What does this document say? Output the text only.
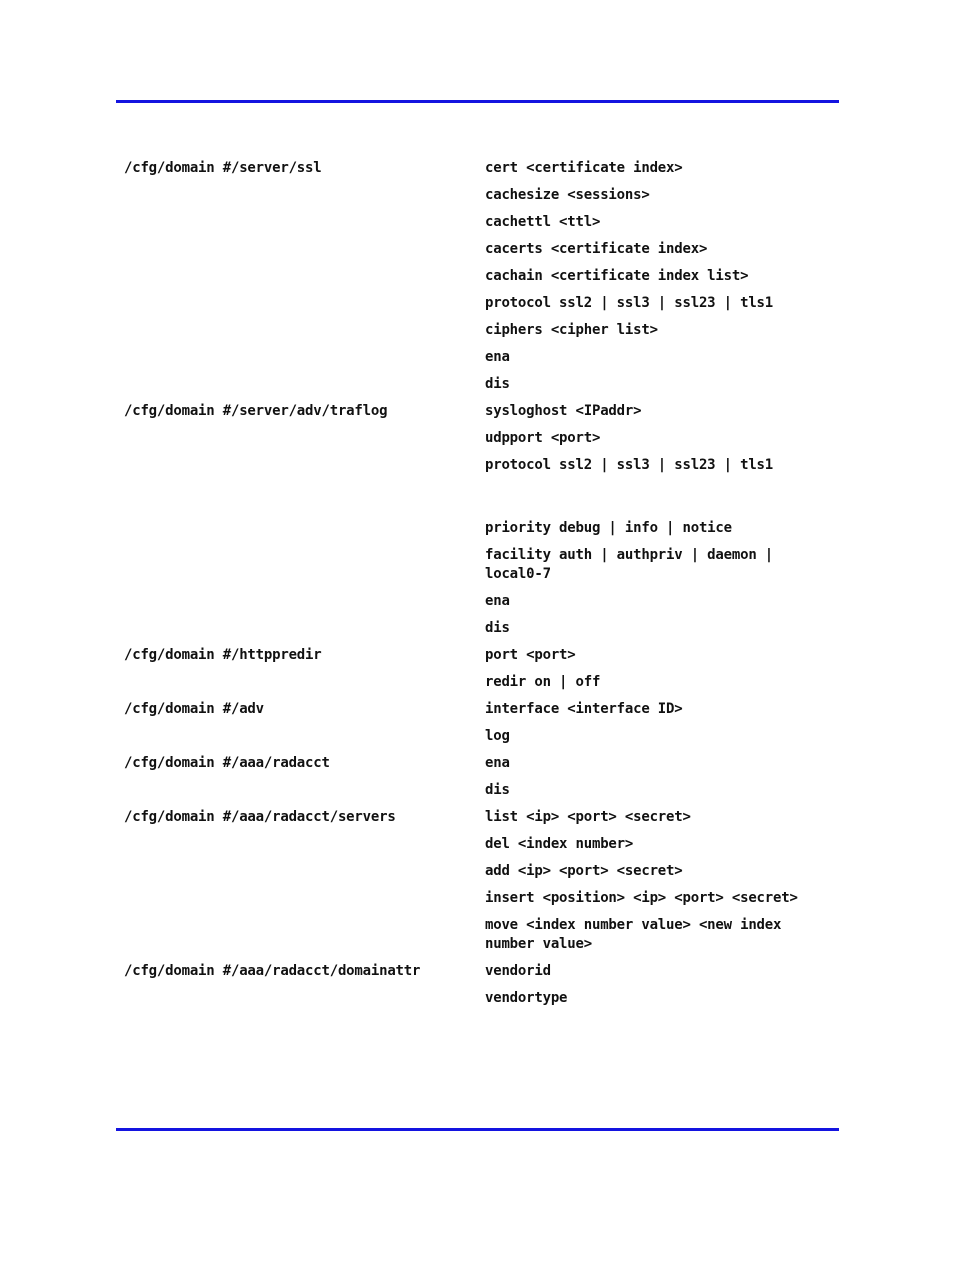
/cfg/domain #/server/ssl	cert <certificate index>
cachesize <sessions>
cachettl <ttl>
cacerts <certificate index>
cachain <certificate index list>
protocol ssl2 | ssl3 | ssl23 | tls1
ciphers <cipher list>
ena
dis
/cfg/domain #/server/adv/traflog	sysloghost <IPaddr>
udpport <port>
protocol ssl2 | ssl3 | ssl23 | tls1
priority debug | info | notice
facility auth | authpriv | daemon | local0-7
ena
dis
/cfg/domain #/httppredir	port <port>
redir on | off
/cfg/domain #/adv	interface <interface ID>
log
/cfg/domain #/aaa/radacct	ena
dis
/cfg/domain #/aaa/radacct/servers	list <ip> <port> <secret>
del <index number>
add <ip> <port> <secret>
insert <position> <ip> <port> <secret>
move <index number value> <new index number value>
/cfg/domain #/aaa/radacct/domainattr	vendorid
vendortype
